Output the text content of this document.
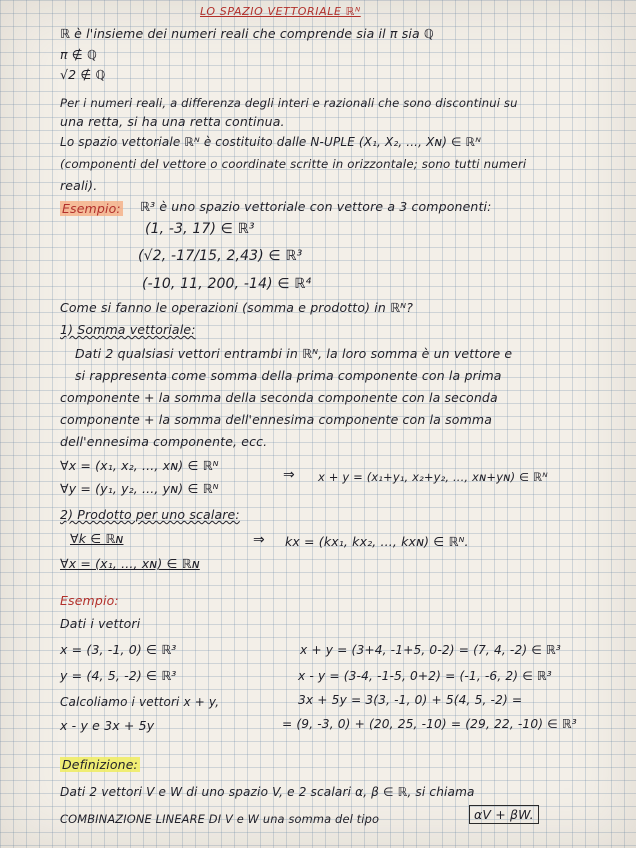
LO SPAZIO VETTORIALE ℝᴺ
ℝ è l'insieme dei numeri reali che comprende sia il π sia ℚ
π ∉ ℚ
√2 ∉ ℚ
Per i numeri reali, a differenza degli interi e razionali che sono discontinui su
una retta, si ha una retta continua.
Lo spazio vettoriale ℝᴺ è costituito dalle N-UPLE (X₁, X₂, ..., Xɴ) ∈ ℝᴺ
(componenti del vettore o coordinate scritte in orizzontale; sono tutti numeri
reali).
Esempio: ℝ³ è uno spazio vettoriale con vettore a 3 componenti:
(1, -3, 17) ∈ ℝ³
(√2, -17/15, 2,43) ∈ ℝ³
(-10, 11, 200, -14) ∈ ℝ⁴
Come si fanno le operazioni (somma e prodotto) in ℝᴺ?
1) Somma vettoriale:
Dati 2 qualsiasi vettori entrambi in ℝᴺ, la loro somma è un vettore e
si rappresenta come somma della prima componente con la prima
componente + la somma della seconda componente con la seconda
componente + la somma dell'ennesima componente con la somma
dell'ennesima componente, ecc.
∀x = (x₁, x₂, ..., xɴ) ∈ ℝᴺ
∀y = (y₁, y₂, ..., yɴ) ∈ ℝᴺ
⇒ x + y = (x₁+y₁, x₂+y₂, ..., xɴ+yɴ) ∈ ℝᴺ
2) Prodotto per uno scalare:
∀k ∈ ℝɴ
∀x = (x₁, ..., xɴ) ∈ ℝɴ
⇒ kx = (kx₁, kx₂, ..., kxɴ) ∈ ℝᴺ.
Esempio:
Dati i vettori
x = (3, -1, 0) ∈ ℝ³
y = (4, 5, -2) ∈ ℝ³
Calcoliamo i vettori x + y,
x - y e 3x + 5y
x + y = (3+4, -1+5, 0-2) = (7, 4, -2) ∈ ℝ³
x - y = (3-4, -1-5, 0+2) = (-1, -6, 2) ∈ ℝ³
3x + 5y = 3(3, -1, 0) + 5(4, 5, -2) =
= (9, -3, 0) + (20, 25, -10) = (29, 22, -10) ∈ ℝ³
Definizione:
Dati 2 vettori V e W di uno spazio V, e 2 scalari α, β ∈ ℝ, si chiama
COMBINAZIONE LINEARE DI V e W una somma del tipo	αV + βW.
